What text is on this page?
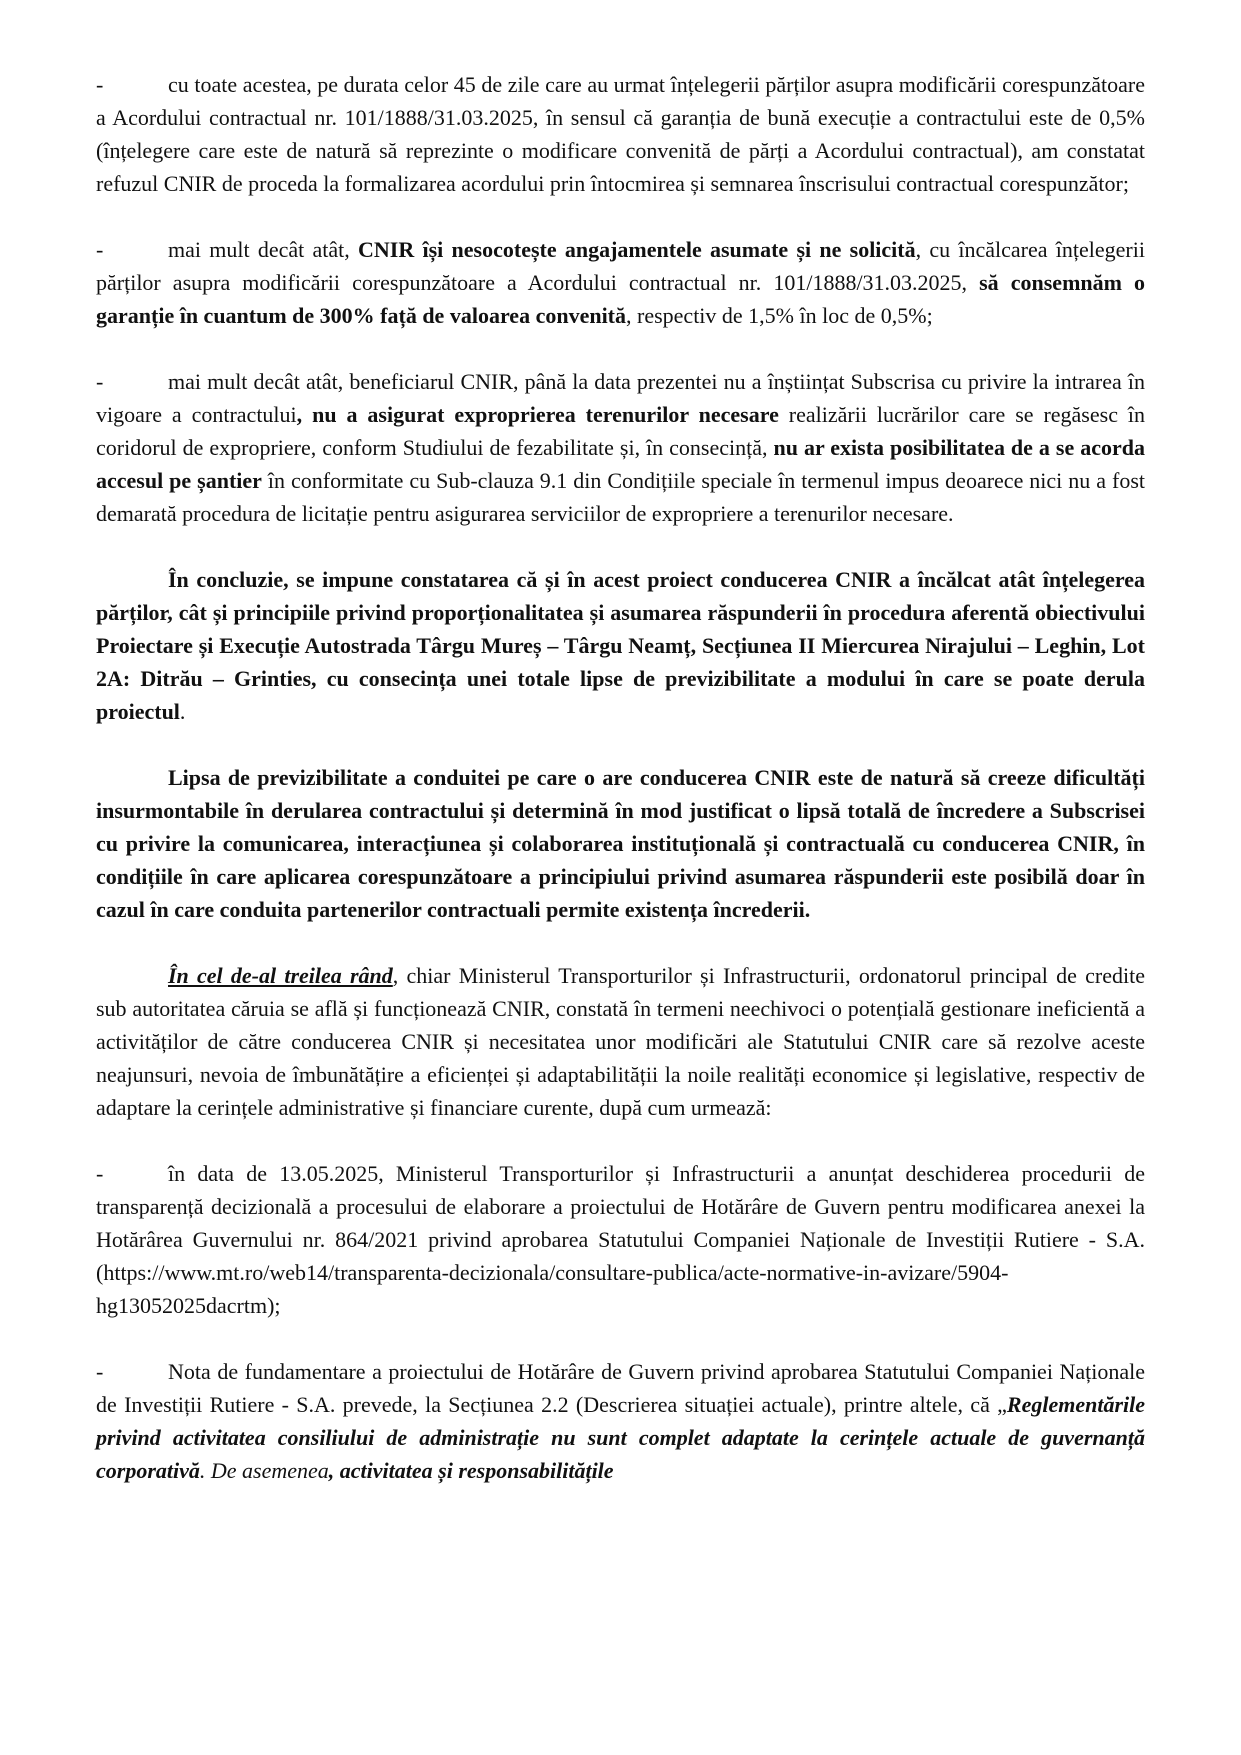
-	cu toate acestea, pe durata celor 45 de zile care au urmat înțelegerii părților asupra modificării corespunzătoare a Acordului contractual nr. 101/1888/31.03.2025, în sensul că garanția de bună execuție a contractului este de 0,5% (înțelegere care este de natură să reprezinte o modificare convenită de părți a Acordului contractual), am constatat refuzul CNIR de proceda la formalizarea acordului prin întocmirea și semnarea înscrisului contractual corespunzător;

-	mai mult decât atât, CNIR își nesocotește angajamentele asumate și ne solicită, cu încălcarea înțelegerii părților asupra modificării corespunzătoare a Acordului contractual nr. 101/1888/31.03.2025, să consemnăm o garanție în cuantum de 300% față de valoarea convenită, respectiv de 1,5% în loc de 0,5%;

-	mai mult decât atât, beneficiarul CNIR, până la data prezentei nu a înștiințat Subscrisa cu privire la intrarea în vigoare a contractului, nu a asigurat exproprierea terenurilor necesare realizării lucrărilor care se regăsesc în coridorul de expropriere, conform Studiului de fezabilitate și, în consecință, nu ar exista posibilitatea de a se acorda accesul pe șantier în conformitate cu Sub-clauza 9.1 din Condițiile speciale în termenul impus deoarece nici nu a fost demarată procedura de licitație pentru asigurarea serviciilor de expropriere a terenurilor necesare.

În concluzie, se impune constatarea că și în acest proiect conducerea CNIR a încălcat atât înțelegerea părților, cât și principiile privind proporționalitatea și asumarea răspunderii în procedura aferentă obiectivului Proiectare și Execuție Autostrada Târgu Mureș – Târgu Neamț, Secțiunea II Miercurea Nirajului – Leghin, Lot 2A: Ditrău – Grinties, cu consecința unei totale lipse de previzibilitate a modului în care se poate derula proiectul.

Lipsa de previzibilitate a conduitei pe care o are conducerea CNIR este de natură să creeze dificultăți insurmontabile în derularea contractului și determină în mod justificat o lipsă totală de încredere a Subscrisei cu privire la comunicarea, interacțiunea și colaborarea instituțională și contractuală cu conducerea CNIR, în condițiile în care aplicarea corespunzătoare a principiului privind asumarea răspunderii este posibilă doar în cazul în care conduita partenerilor contractuali permite existența încrederii.

În cel de-al treilea rând, chiar Ministerul Transporturilor și Infrastructurii, ordonatorul principal de credite sub autoritatea căruia se află și funcționează CNIR, constată în termeni neechivoci o potențială gestionare ineficientă a activităților de către conducerea CNIR și necesitatea unor modificări ale Statutului CNIR care să rezolve aceste neajunsuri, nevoia de îmbunătățire a eficienței și adaptabilității la noile realități economice și legislative, respectiv de adaptare la cerințele administrative și financiare curente, după cum urmează:

-	în data de 13.05.2025, Ministerul Transporturilor și Infrastructurii a anunțat deschiderea procedurii de transparență decizională a procesului de elaborare a proiectului de Hotărâre de Guvern pentru modificarea anexei la Hotărârea Guvernului nr. 864/2021 privind aprobarea Statutului Companiei Naționale de Investiții Rutiere - S.A. (https://www.mt.ro/web14/transparenta-decizionala/consultare-publica/acte-normative-in-avizare/5904-hg13052025dacrtm);

-	Nota de fundamentare a proiectului de Hotărâre de Guvern privind aprobarea Statutului Companiei Naționale de Investiții Rutiere - S.A. prevede, la Secțiunea 2.2 (Descrierea situației actuale), printre altele, că „Reglementările privind activitatea consiliului de administrație nu sunt complet adaptate la cerințele actuale de guvernanță corporativă. De asemenea, activitatea și responsabilitățile
